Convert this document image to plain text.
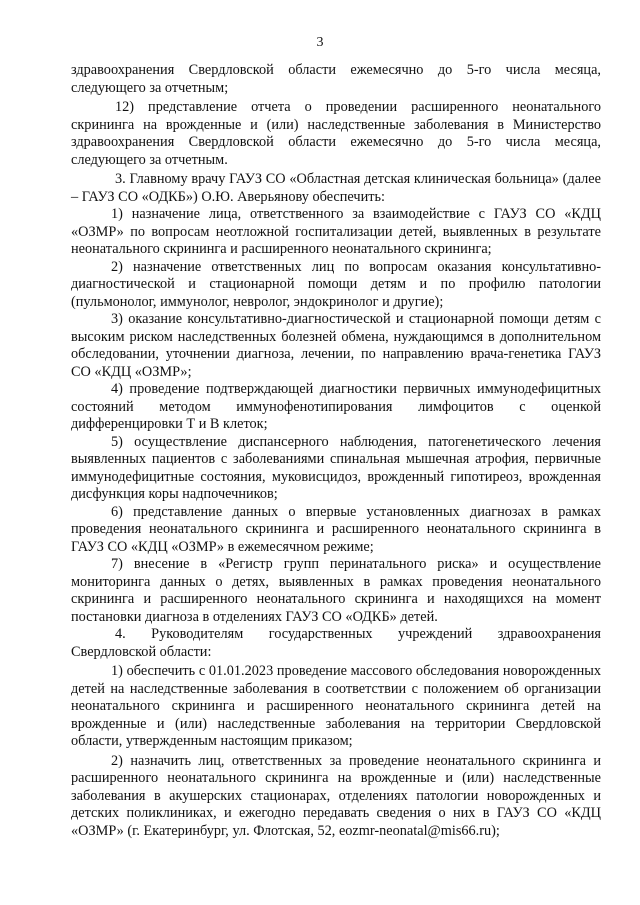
3

здравоохранения Свердловской области ежемесячно до 5-го числа месяца, следующего за отчетным;

12) представление отчета о проведении расширенного неонатального скрининга на врожденные и (или) наследственные заболевания в Министерство здравоохранения Свердловской области ежемесячно до 5-го числа месяца, следующего за отчетным.

3. Главному врачу ГАУЗ СО «Областная детская клиническая больница» (далее – ГАУЗ СО «ОДКБ») О.Ю. Аверьянову обеспечить:

1) назначение лица, ответственного за взаимодействие с ГАУЗ СО «КДЦ «ОЗМР» по вопросам неотложной госпитализации детей, выявленных в результате неонатального скрининга и расширенного неонатального скрининга;

2) назначение ответственных лиц по вопросам оказания консультативно-диагностической и стационарной помощи детям и по профилю патологии (пульмонолог, иммунолог, невролог, эндокринолог и другие);

3) оказание консультативно-диагностической и стационарной помощи детям с высоким риском наследственных болезней обмена, нуждающимся в дополнительном обследовании, уточнении диагноза, лечении, по направлению врача-генетика ГАУЗ СО «КДЦ «ОЗМР»;

4) проведение подтверждающей диагностики первичных иммунодефицитных состояний методом иммунофенотипирования лимфоцитов с оценкой дифференцировки Т и В клеток;

5) осуществление диспансерного наблюдения, патогенетического лечения выявленных пациентов с заболеваниями спинальная мышечная атрофия, первичные иммунодефицитные состояния, муковисцидоз, врожденный гипотиреоз, врожденная дисфункция коры надпочечников;

6) представление данных о впервые установленных диагнозах в рамках проведения неонатального скрининга и расширенного неонатального скрининга в ГАУЗ СО «КДЦ «ОЗМР» в ежемесячном режиме;

7) внесение в «Регистр групп перинатального риска» и осуществление мониторинга данных о детях, выявленных в рамках проведения неонатального скрининга и расширенного неонатального скрининга и находящихся на момент постановки диагноза в отделениях ГАУЗ СО «ОДКБ» детей.

4. Руководителям государственных учреждений здравоохранения Свердловской области:

1) обеспечить с 01.01.2023 проведение массового обследования новорожденных детей на наследственные заболевания в соответствии с положением об организации неонатального скрининга и расширенного неонатального скрининга детей на врожденные и (или) наследственные заболевания на территории Свердловской области, утвержденным настоящим приказом;

2) назначить лиц, ответственных за проведение неонатального скрининга и расширенного неонатального скрининга на врожденные и (или) наследственные заболевания в акушерских стационарах, отделениях патологии новорожденных и детских поликлиниках, и ежегодно передавать сведения о них в ГАУЗ СО «КДЦ «ОЗМР» (г. Екатеринбург, ул. Флотская, 52, eozmr-neonatal@mis66.ru);
